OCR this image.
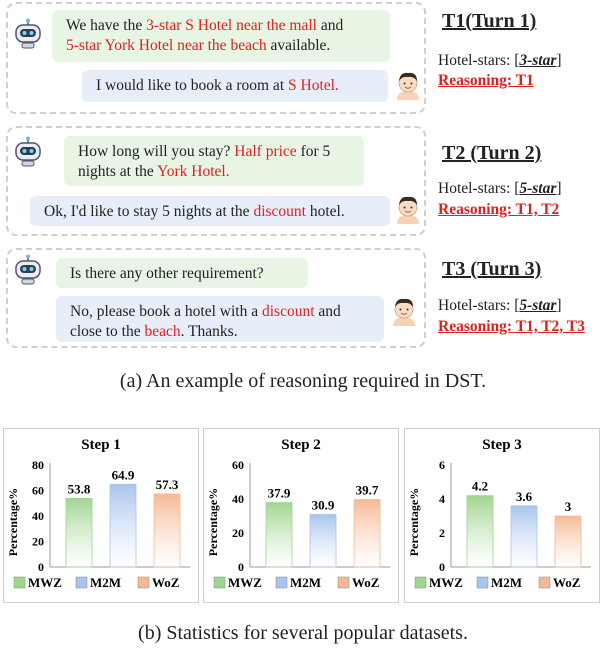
We have the 3-star S Hotel near the mall and
5-star York Hotel near the beach available.
I would like to book a room at S Hotel.
T1(Turn 1)
Hotel-stars: [3-star]
Reasoning: T1
How long will you stay? Half price for 5
nights at the York Hotel.
Ok, I'd like to stay 5 nights at the discount hotel.
T2 (Turn 2)
Hotel-stars: [5-star]
Reasoning: T1, T2
Is there any other requirement?
No, please book a hotel with a discount and
close to the beach. Thanks.
T3 (Turn 3)
Hotel-stars: [5-star]
Reasoning: T1, T2, T3
(a) An example of reasoning required in DST.
Step 1
0
20
40
60
80
Percentage%	53.8
64.9
57.3
MWZ M2M WoZ
Step 2
0
20
40
60
Percentage%	37.9
30.9
39.7
MWZ M2M WoZ
Step 3
0
2
4
6
Percentage%
4.2
3.6
3
MWZ M2M WoZ
(b) Statistics for several popular datasets.
